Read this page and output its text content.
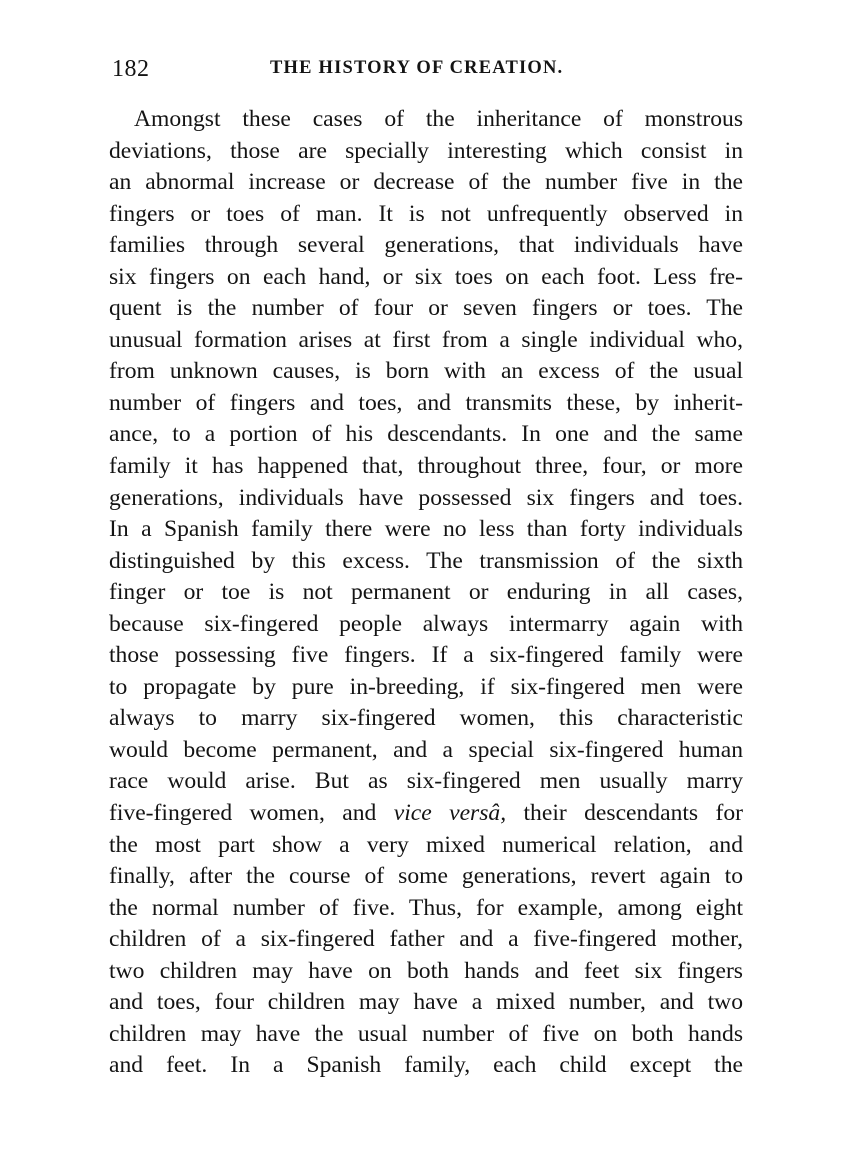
182	THE HISTORY OF CREATION.
Amongst these cases of the inheritance of monstrous
deviations, those are specially interesting which consist in
an abnormal increase or decrease of the number five in the
fingers or toes of man. It is not unfrequently observed in
families through several generations, that individuals have
six fingers on each hand, or six toes on each foot. Less fre-
quent is the number of four or seven fingers or toes. The
unusual formation arises at first from a single individual who,
from unknown causes, is born with an excess of the usual
number of fingers and toes, and transmits these, by inherit-
ance, to a portion of his descendants. In one and the same
family it has happened that, throughout three, four, or more
generations, individuals have possessed six fingers and toes.
In a Spanish family there were no less than forty individuals
distinguished by this excess. The transmission of the sixth
finger or toe is not permanent or enduring in all cases,
because six-fingered people always intermarry again with
those possessing five fingers. If a six-fingered family were
to propagate by pure in-breeding, if six-fingered men were
always to marry six-fingered women, this characteristic
would become permanent, and a special six-fingered human
race would arise. But as six-fingered men usually marry
five-fingered women, and vice versâ, their descendants for
the most part show a very mixed numerical relation, and
finally, after the course of some generations, revert again to
the normal number of five. Thus, for example, among eight
children of a six-fingered father and a five-fingered mother,
two children may have on both hands and feet six fingers
and toes, four children may have a mixed number, and two
children may have the usual number of five on both hands
and feet. In a Spanish family, each child except the
